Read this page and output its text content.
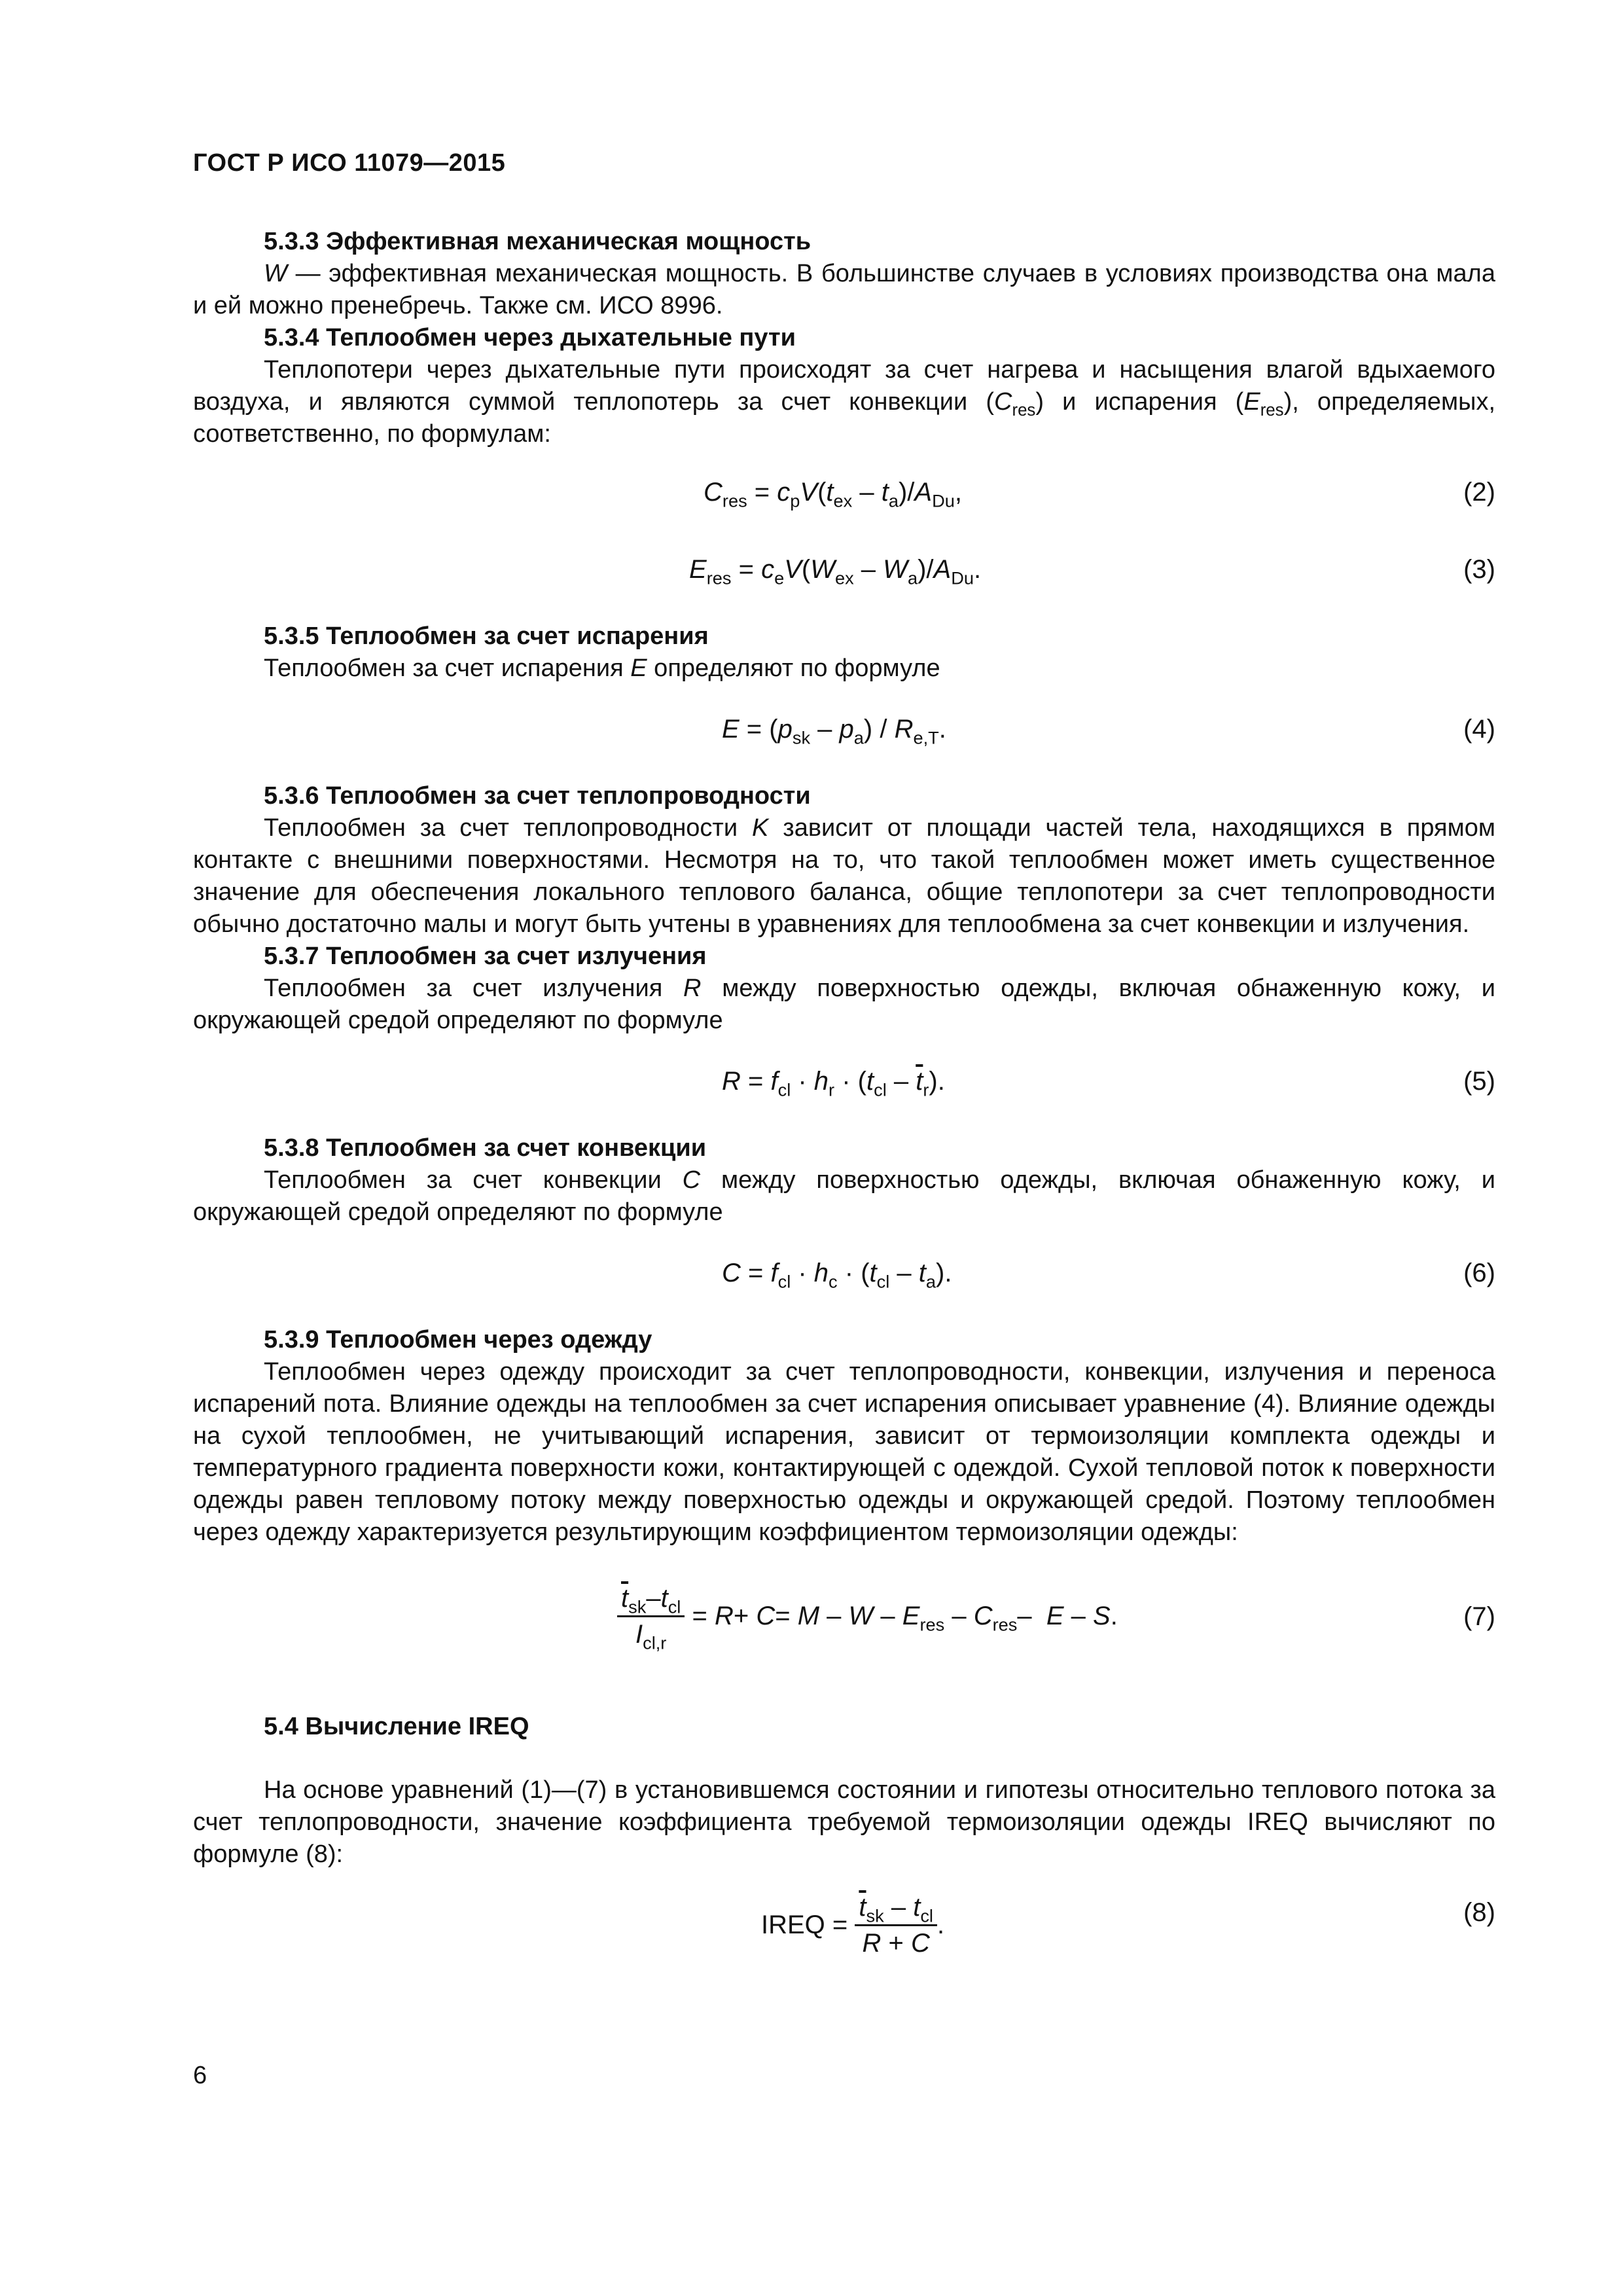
ГОСТ Р ИСО 11079—2015

5.3.3 Эффективная механическая мощность

W — эффективная механическая мощность. В большинстве случаев в условиях производства она мала и ей можно пренебречь. Также см. ИСО 8996.

5.3.4 Теплообмен через дыхательные пути

Теплопотери через дыхательные пути происходят за счет нагрева и насыщения влагой вдыхаемого воздуха, и являются суммой теплопотерь за счет конвекции $(C_{res})$ и испарения $(E_{res})$, определяемых, соответственно, по формулам:

$C_{res} = c_pV(t_{ex} - t_a)/A_{Du}$,	(2)
$E_{res} = c_eV(W_{ex} - W_a)/A_{Du}$.	(3)

5.3.5 Теплообмен за счет испарения

Теплообмен за счет испарения E определяют по формуле

$E = (p_{sk} - p_a) / R_{e,T}$.	(4)

5.3.6 Теплообмен за счет теплопроводности

Теплообмен за счет теплопроводности K зависит от площади частей тела, находящихся в прямом контакте с внешними поверхностями. Несмотря на то, что такой теплообмен может иметь существенное значение для обеспечения локального теплового баланса, общие теплопотери за счет теплопроводности обычно достаточно малы и могут быть учтены в уравнениях для теплообмена за счет конвекции и излучения.

5.3.7 Теплообмен за счет излучения

Теплообмен за счет излучения R между поверхностью одежды, включая обнаженную кожу, и окружающей средой определяют по формуле

$R = f_{cl} \cdot h_r \cdot (t_{cl} - \overline{t}_r)$.	(5)

5.3.8 Теплообмен за счет конвекции

Теплообмен за счет конвекции C между поверхностью одежды, включая обнаженную кожу, и окружающей средой определяют по формуле

$C = f_{cl} \cdot h_c \cdot (t_{cl} - t_a)$.	(6)

5.3.9 Теплообмен через одежду

Теплообмен через одежду происходит за счет теплопроводности, конвекции, излучения и переноса испарений пота. Влияние одежды на теплообмен за счет испарения описывает уравнение (4). Влияние одежды на сухой теплообмен, не учитывающий испарения, зависит от термоизоляции комплекта одежды и температурного градиента поверхности кожи, контактирующей с одеждой. Сухой тепловой поток к поверхности одежды равен тепловому потоку между поверхностью одежды и окружающей средой. Поэтому теплообмен через одежду характеризуется результирующим коэффициентом термоизоляции одежды:

$\frac{\overline{t}_{sk}-t_{cl}}{I_{cl,r}} = R+ C= M - W - E_{res} - C_{res}-$  E – S.	(7)

5.4 Вычисление IREQ

На основе уравнений (1)—(7) в установившемся состоянии и гипотезы относительно теплового потока за счет теплопроводности, значение коэффициента требуемой термоизоляции одежды IREQ вычисляют по формуле (8):

IREQ = $\frac{\overline{t}_{sk} - t_{cl}}{R + C}$ .	(8)
6
